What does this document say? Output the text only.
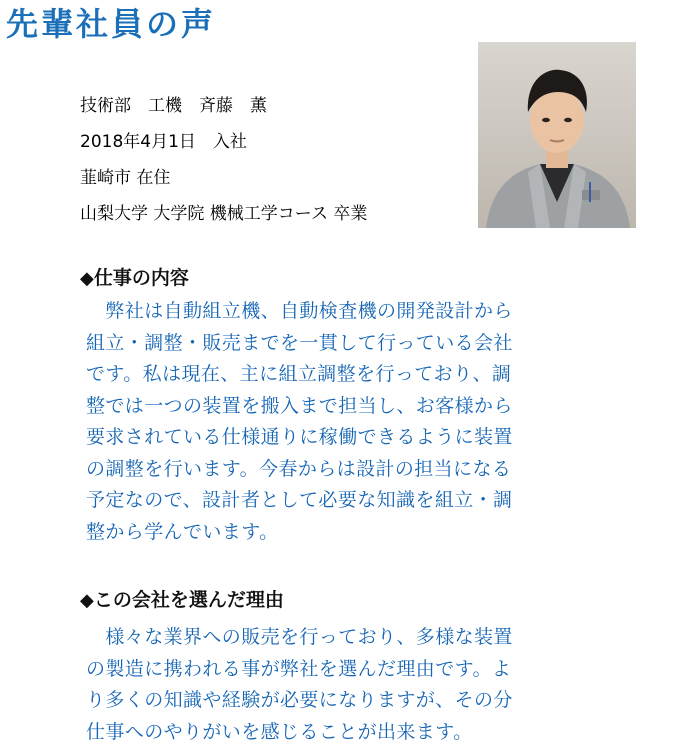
先輩社員の声
技術部　工機　斉藤　薫
2018年4月1日　入社
韮崎市 在住
山梨大学 大学院 機械工学コース 卒業
◆仕事の内容

　弊社は自動組立機、自動検査機の開発設計から
組立・調整・販売までを一貫して行っている会社
です。私は現在、主に組立調整を行っており、調
整では一つの装置を搬入まで担当し、お客様から
要求されている仕様通りに稼働できるように装置
の調整を行います。今春からは設計の担当になる
予定なので、設計者として必要な知識を組立・調
整から学んでいます。

◆この会社を選んだ理由

　様々な業界への販売を行っており、多様な装置
の製造に携われる事が弊社を選んだ理由です。よ
り多くの知識や経験が必要になりますが、その分
仕事へのやりがいを感じることが出来ます。
